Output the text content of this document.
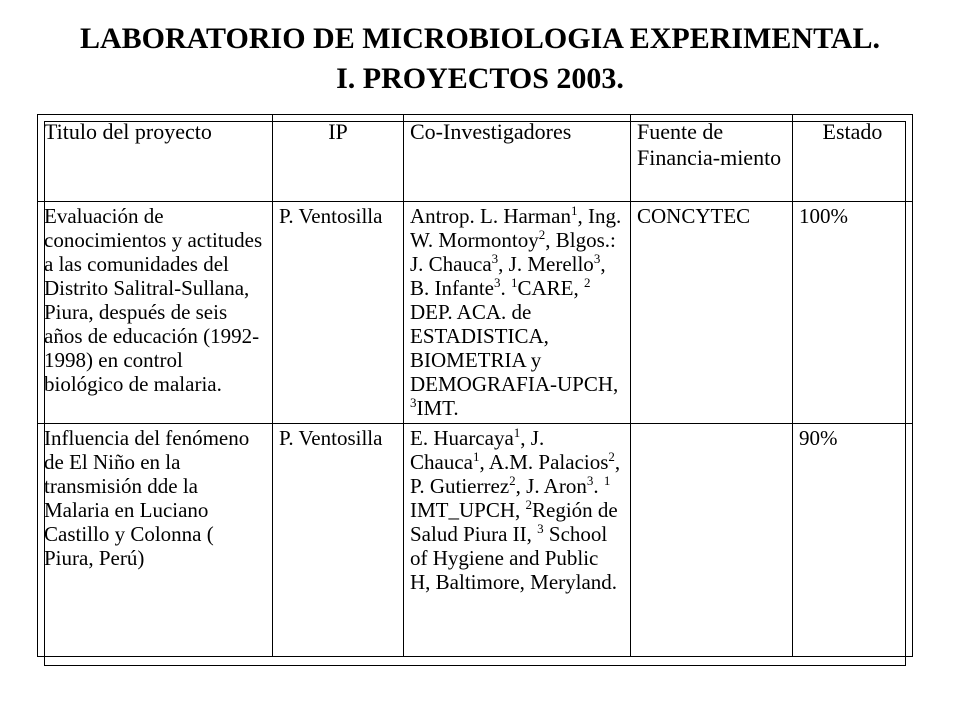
LABORATORIO DE MICROBIOLOGIA EXPERIMENTAL.
I. PROYECTOS 2003.
Titulo del proyecto	IP	Co-Investigadores	Fuente de Financia-miento	Estado
Evaluación de conocimientos y actitudes a las comunidades del Distrito Salitral-Sullana, Piura, después de seis años de educación (1992-1998) en control biológico de malaria.	P. Ventosilla	Antrop. L. Harman$^1$, Ing. W. Mormontoy$^2$, Blgos.: J. Chauca$^3$, J. Merello$^3$, B. Infante$^3$. $^1$CARE, $^2$ DEP. ACA. de ESTADISTICA, BIOMETRIA y DEMOGRAFIA-UPCH, $^3$IMT.	CONCYTEC	100%
Influencia del fenómeno de El Niño en la transmisión dde la Malaria en Luciano Castillo y Colonna ( Piura, Perú)	P. Ventosilla	E. Huarcaya$^1$, J. Chauca$^1$, A.M. Palacios$^2$, P. Gutierrez$^2$, J. Aron$^3$. $^1$ IMT_UPCH, $^2$Región de Salud Piura II, $^3$ School of Hygiene and Public H, Baltimore, Meryland.		90%
